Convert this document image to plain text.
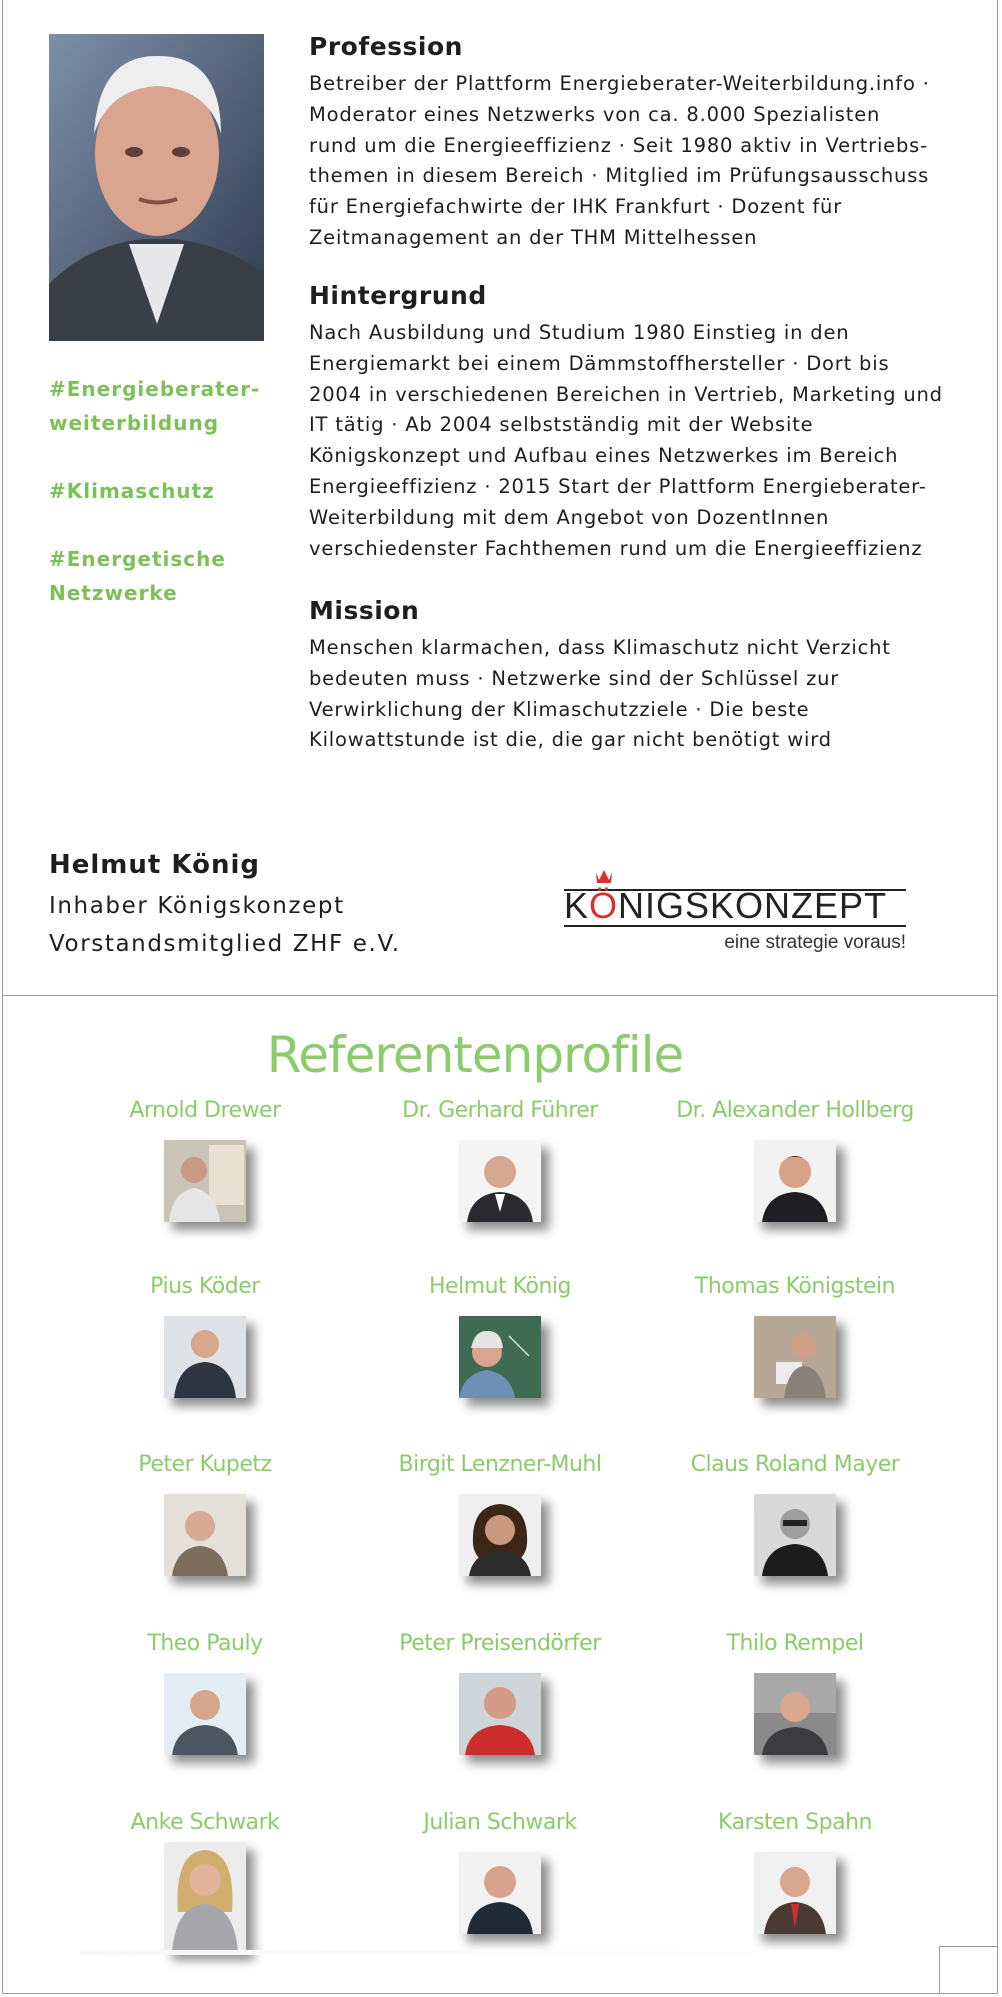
#Energieberater-
weiterbildung
#Klimaschutz
#Energetische
Netzwerke
Profession

Betreiber der Plattform Energieberater-Weiterbildung.info ·
Moderator eines Netzwerks von ca. 8.000 Spezialisten
rund um die Energieeffizienz · Seit 1980 aktiv in Vertriebs-
themen in diesem Bereich · Mitglied im Prüfungsausschuss
für Energiefachwirte der IHK Frankfurt · Dozent für
Zeitmanagement an der THM Mittelhessen

Hintergrund

Nach Ausbildung und Studium 1980 Einstieg in den
Energiemarkt bei einem Dämmstoffhersteller · Dort bis
2004 in verschiedenen Bereichen in Vertrieb, Marketing und
IT tätig · Ab 2004 selbstständig mit der Website
Königskonzept und Aufbau eines Netzwerkes im Bereich
Energieeffizienz · 2015 Start der Plattform Energieberater-
Weiterbildung mit dem Angebot von DozentInnen
verschiedenster Fachthemen rund um die Energieeffizienz

Mission

Menschen klarmachen, dass Klimaschutz nicht Verzicht
bedeuten muss · Netzwerke sind der Schlüssel zur
Verwirklichung der Klimaschutzziele · Die beste
Kilowattstunde ist die, die gar nicht benötigt wird

Helmut König
Inhaber Königskonzept
Vorstandsmitglied ZHF e.V.
KÖNIGSKONZEPT
eine strategie voraus!
Referentenprofile
Arnold Drewer	Dr. Gerhard Führer	Dr. Alexander Hollberg
Pius Köder	Helmut König	Thomas Königstein
Peter Kupetz	Birgit Lenzner-Muhl	Claus Roland Mayer
Theo Pauly	Peter Preisendörfer	Thilo Rempel
Anke Schwark	Julian Schwark	Karsten Spahn
